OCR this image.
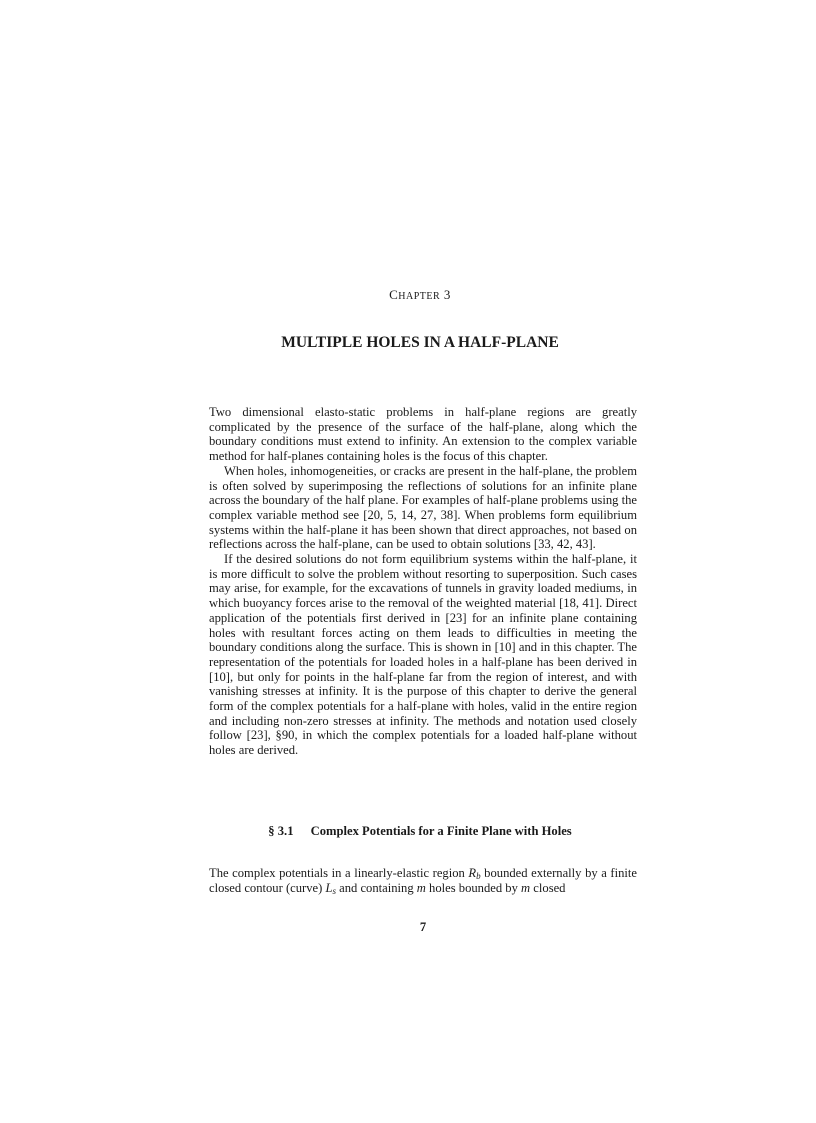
CHAPTER 3
MULTIPLE HOLES IN A HALF-PLANE

Two dimensional elasto-static problems in half-plane regions are greatly complicated by the presence of the surface of the half-plane, along which the boundary conditions must extend to infinity. An extension to the complex variable method for half-planes containing holes is the focus of this chapter.

When holes, inhomogeneities, or cracks are present in the half-plane, the problem is often solved by superimposing the reflections of solutions for an infinite plane across the boundary of the half plane. For examples of half-plane problems using the complex variable method see [20, 5, 14, 27, 38]. When problems form equilibrium systems within the half-plane it has been shown that direct approaches, not based on reflections across the half-plane, can be used to obtain solutions [33, 42, 43].

If the desired solutions do not form equilibrium systems within the half-plane, it is more difficult to solve the problem without resorting to superposition. Such cases may arise, for example, for the excavations of tunnels in gravity loaded mediums, in which buoyancy forces arise to the removal of the weighted material [18, 41]. Direct application of the potentials first derived in [23] for an infinite plane containing holes with resultant forces acting on them leads to difficulties in meeting the boundary conditions along the surface. This is shown in [10] and in this chapter. The representation of the potentials for loaded holes in a half-plane has been derived in [10], but only for points in the half-plane far from the region of interest, and with vanishing stresses at infinity. It is the purpose of this chapter to derive the general form of the complex potentials for a half-plane with holes, valid in the entire region and including non-zero stresses at infinity. The methods and notation used closely follow [23], §90, in which the complex potentials for a loaded half-plane without holes are derived.

§ 3.1 Complex Potentials for a Finite Plane with Holes

The complex potentials in a linearly-elastic region $R_b$ bounded externally by a finite closed contour (curve) $L_s$ and containing m holes bounded by m closed

7
